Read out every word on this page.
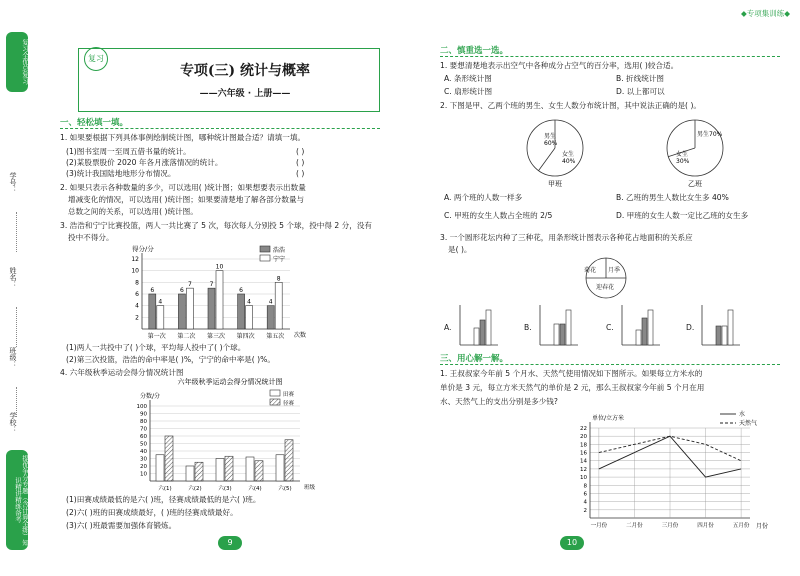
复习全优总复习
学号：
姓名：
班级：
学校：
提优争分专题（含计算全练）知识精讲精练备考
复习
专项(三) 统计与概率
——六年级 · 上册——
一、轻松填一填。
1. 如果要根据下列具体事例绘制统计图，哪种统计图最合适？请填一填。
(1)图书室周一至周五借书量的统计。	( )
(2)某股票股价 2020 年各月涨落情况的统计。	( )
(3)统计我国陆地地形分布情况。	( )
2. 如果只表示各种数量的多少，可以选用( )统计图；如果想要表示出数量
增减变化的情况，可以选用( )统计图；如果要清楚地了解各部分数量与
总数之间的关系，可以选用( )统计图。
3. 浩浩和宁宁比赛投篮，两人一共比赛了 5 次，每次每人分别投 5 个球，投中得 2 分，没有
投中不得分。
2
4
6
8
10
12
得分/分
次数
第一次
6
4
第二次
6
7
第三次
7
10
第四次
6
4
第五次
4
8
浩浩
宁宁
(1)两人一共投中了( )个球，平均每人投中了( )个球。
(2)第三次投篮，浩浩的命中率是( )%，宁宁的命中率是( )%。
4. 六年级秋季运动会得分情况统计图
六年级秋季运动会得分情况统计图
10
20
30
40
50
60
70
80
90
100
分数/分
班级
六(1)	六(2)	六(3)	六(4)	六(5)
田赛
径赛
(1)田赛成绩最低的是六( )班，径赛成绩最低的是六( )班。
(2)六( )班的田赛成绩最好，( )班的径赛成绩最好。
(3)六( )班最需要加强体育锻炼。
9
◆专项集训练◆
二、慎重选一选。
1. 要想清楚地表示出空气中各种成分占空气的百分率，选用( )较合适。
A. 条形统计图	B. 折线统计图
C. 扇形统计图	D. 以上都可以
2. 下图是甲、乙两个班的男生、女生人数分布统计图，其中说法正确的是( )。
甲班	乙班
男生
60%
女生
40%
男生70%
女生
30%
A. 两个班的人数一样多	B. 乙班的男生人数比女生多 40%
C. 甲班的女生人数占全班的 2/5	D. 甲班的女生人数一定比乙班的女生多
3. 一个圆形花坛内种了三种花，用条形统计图表示各种花占地面积的关系应
是( )。
菊花 月季
迎春花
A.	B.	C.	D.
三、用心解一解。
1. 王叔叔家今年前 5 个月水、天然气使用情况如下图所示。如果每立方米水的
单价是 3 元，每立方米天然气的单价是 2 元，那么王叔叔家今年前 5 个月在用
水、天然气上的支出分别是多少钱?
2
4
6
8
10
12
14
16
18
20
22
单位/立方米
月份
一月份	二月份	三月份	四月份	五月份
水
天然气
10
